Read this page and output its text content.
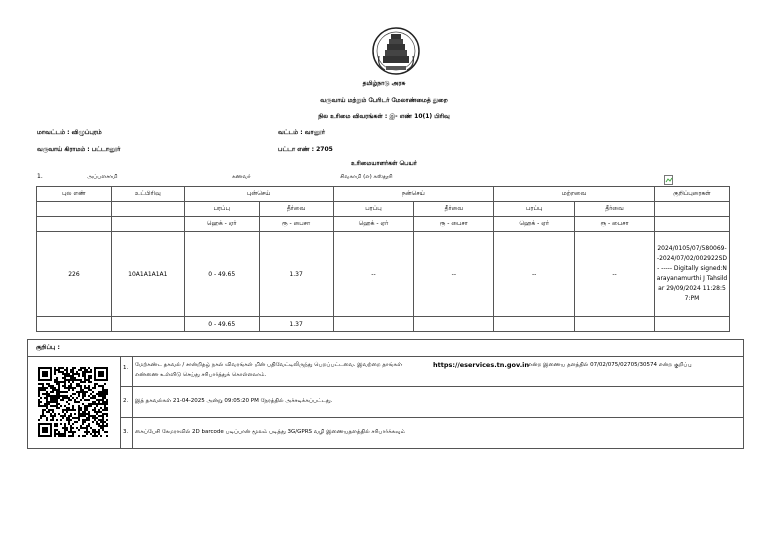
தமிழ்நாடு அரசு
வருவாய் மற்றும் பேரிடர் மேலாண்மைத் துறை
நில உரிமை விவரங்கள் : இ- எண் 10(1) பிரிவு
மாவட்டம் : விழுப்புரம்	வட்டம் : வானூர்
வருவாய் கிராமம் : பட்டானூர்	பட்டா எண் : 2705
உரிமையாளர்கள் பெயர்
1.	அப்பளசாமி	கணவர்	சிவகாமி (எ) கஸ்தூரி
புல எண்	உட்பிரிவு	புன்செய்		நன்செய்		மற்றவை		குறிப்புரைகள்
		பரப்பு	தீர்வை	பரப்பு	தீர்வை	பரப்பு	தீர்வை	
		ஹெக் - ஏர்	ரூ - பைசா	ஹெக் - ஏர்	ரூ - பைசா	ஹெக் - ஏர்	ரூ - பைசா	
226	10A1A1A1A1	0 - 49.65	1.37	--	--	--	--	2024/0105/07/580069- -2024/07/02/002922SD - ----- Digitally signed:Narayanamurthi J Tahsildar 29/09/2024 11:28:57:PM
		0 - 49.65	1.37					
குறிப்பு :
1. மேற்கண்ட தகவல் / சான்றிதழ் நகல் விவரங்கள் மின் பதிவேட்டிலிருந்து பெறப்பட்டவை. இவற்றை தாங்கள்	https://eservices.tn.gov.in
என்ற இணைய தளத்தில் 07/02/075/02705/30574 என்ற குறிப்பு
எண்ணை உள்ளிடு செய்து சரிபார்த்துக் கொள்ளலாம்.
2. இத் தகவல்கள் 21-04-2025 அன்று 09:05:20 PM நேரத்தில் அச்சடிக்கப்பட்டது.
3. கைப்பேசி கேமராவில் 2D barcode படிப்பான் மூலம் படித்து 3G/GPRS வழி இணையதளத்தில் சரிபார்க்கவும்
